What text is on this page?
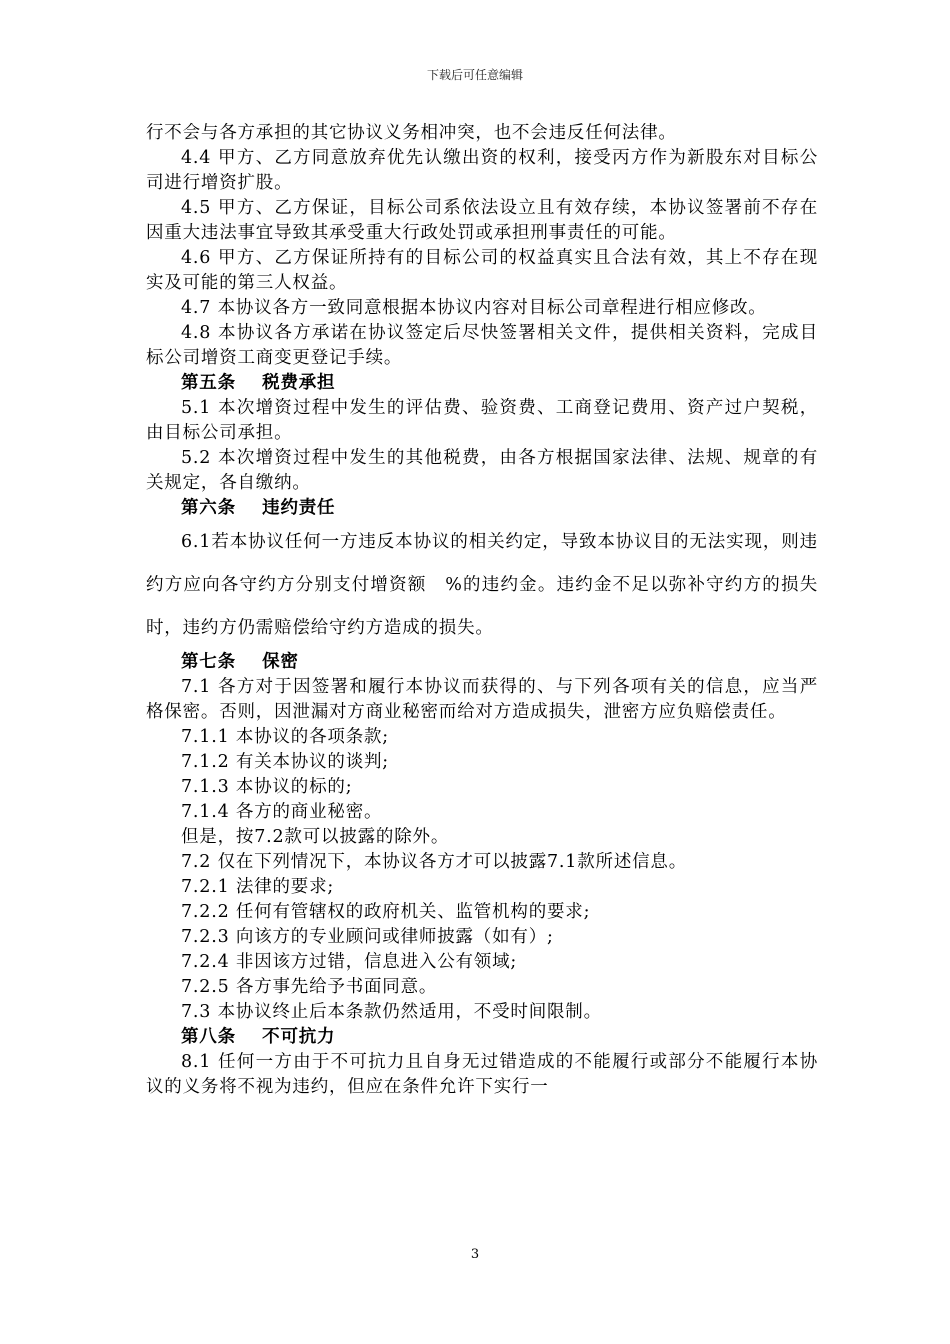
下载后可任意编辑

行不会与各方承担的其它协议义务相冲突，也不会违反任何法律。

4.4 甲方、乙方同意放弃优先认缴出资的权利，接受丙方作为新股东对目标公司进行增资扩股。

4.5 甲方、乙方保证，目标公司系依法设立且有效存续，本协议签署前不存在因重大违法事宜导致其承受重大行政处罚或承担刑事责任的可能。

4.6 甲方、乙方保证所持有的目标公司的权益真实且合法有效，其上不存在现实及可能的第三人权益。

4.7 本协议各方一致同意根据本协议内容对目标公司章程进行相应修改。

4.8 本协议各方承诺在协议签定后尽快签署相关文件，提供相关资料，完成目标公司增资工商变更登记手续。

第五条 税费承担

5.1 本次增资过程中发生的评估费、验资费、工商登记费用、资产过户契税，由目标公司承担。

5.2 本次增资过程中发生的其他税费，由各方根据国家法律、法规、规章的有关规定，各自缴纳。

第六条 违约责任

6.1若本协议任何一方违反本协议的相关约定，导致本协议目的无法实现，则违约方应向各守约方分别支付增资额　%的违约金。违约金不足以弥补守约方的损失时，违约方仍需赔偿给守约方造成的损失。

第七条 保密

7.1 各方对于因签署和履行本协议而获得的、与下列各项有关的信息，应当严格保密。否则，因泄漏对方商业秘密而给对方造成损失，泄密方应负赔偿责任。

7.1.1 本协议的各项条款;

7.1.2 有关本协议的谈判;

7.1.3 本协议的标的;

7.1.4 各方的商业秘密。

但是，按7.2款可以披露的除外。

7.2 仅在下列情况下，本协议各方才可以披露7.1款所述信息。

7.2.1 法律的要求;

7.2.2 任何有管辖权的政府机关、监管机构的要求;

7.2.3 向该方的专业顾问或律师披露（如有）;

7.2.4 非因该方过错，信息进入公有领域;

7.2.5 各方事先给予书面同意。

7.3 本协议终止后本条款仍然适用，不受时间限制。

第八条 不可抗力

8.1 任何一方由于不可抗力且自身无过错造成的不能履行或部分不能履行本协议的义务将不视为违约，但应在条件允许下实行一

3
